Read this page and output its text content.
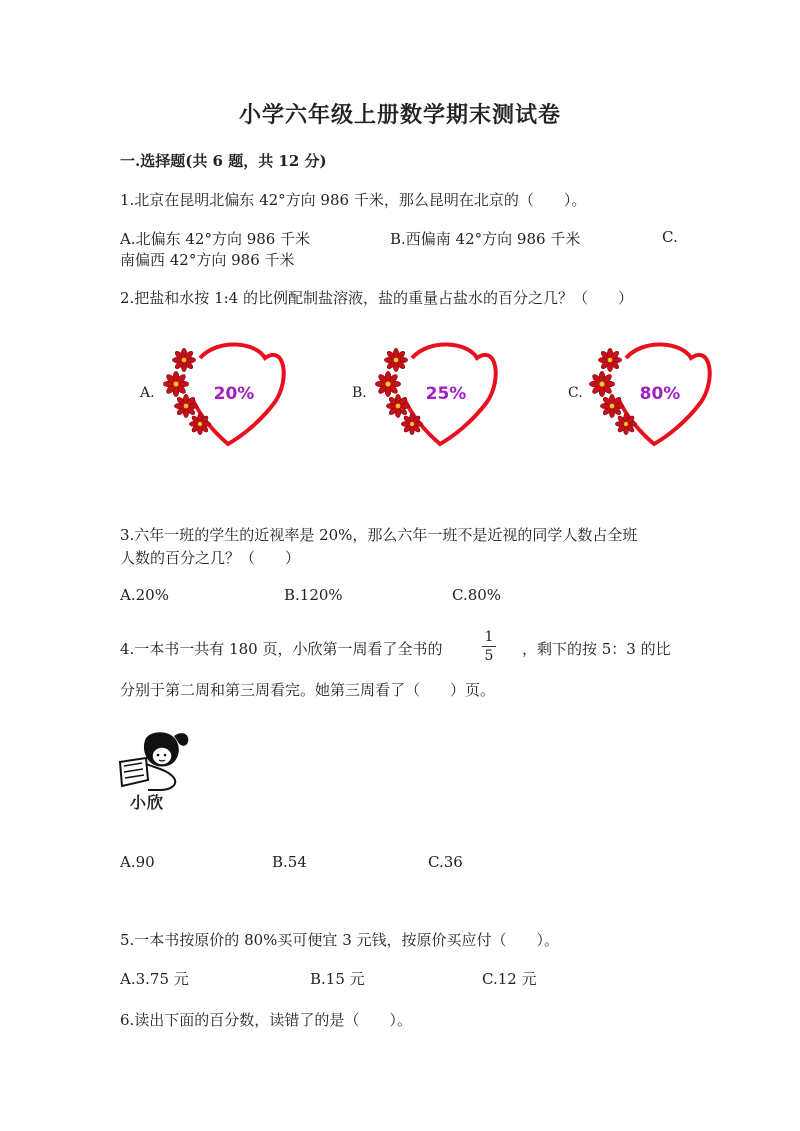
小学六年级上册数学期末测试卷
一.选择题(共 6 题，共 12 分)
1.北京在昆明北偏东 42°方向 986 千米，那么昆明在北京的（　　）。
A.北偏东 42°方向 986 千米	B.西偏南 42°方向 986 千米	C.
南偏西 42°方向 986 千米
2.把盐和水按 1:4 的比例配制盐溶液，盐的重量占盐水的百分之几？（　　）
A.	B.	C.
20%	25%	80%
3.六年一班的学生的近视率是 20%，那么六年一班不是近视的同学人数占全班
人数的百分之几？（　　）
A.20%	B.120%	C.80%
4.一本书一共有 180 页，小欣第一周看了全书的	$\frac{1}{5}$ ，剩下的按 5：3 的比
分别于第二周和第三周看完。她第三周看了（　　）页。
小欣
A.90	B.54	C.36
5.一本书按原价的 80%买可便宜 3 元钱，按原价买应付（　　）。
A.3.75 元	B.15 元	C.12 元
6.读出下面的百分数，读错了的是（　　）。
